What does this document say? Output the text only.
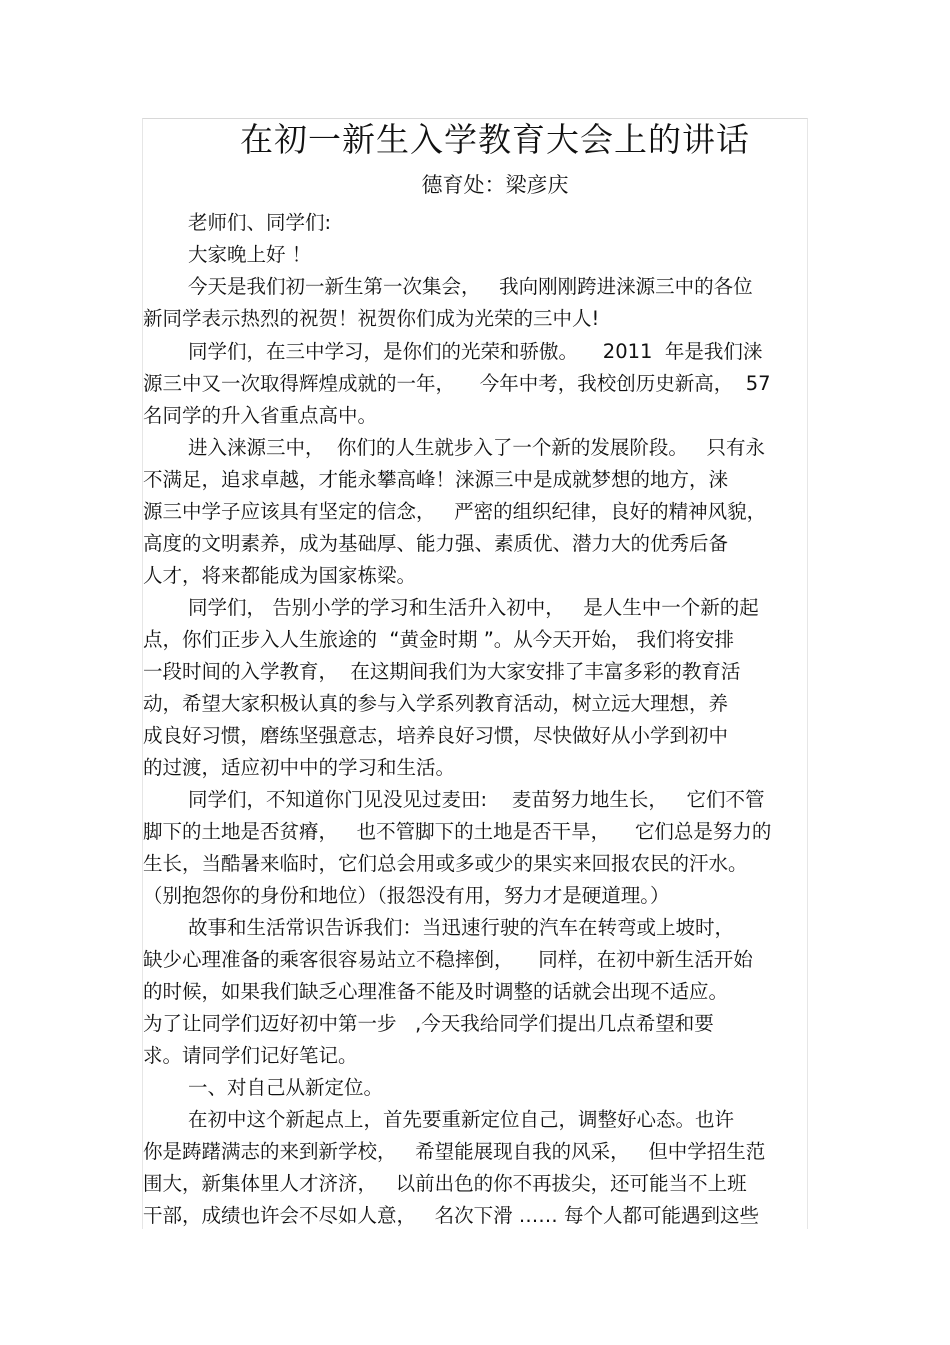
在初一新生入学教育大会上的讲话
德育处：梁彦庆
老师们、同学们:
大家晚上好 ！
今天是我们初一新生第一次集会，   我向刚刚跨进涞源三中的各位
新同学表示热烈的祝贺！祝贺你们成为光荣的三中人!
同学们，在三中学习，是你们的光荣和骄傲。    2011  年是我们涞
源三中又一次取得辉煌成就的一年，    今年中考，我校创历史新高，  57
名同学的升入省重点高中。
进入涞源三中，  你们的人生就步入了一个新的发展阶段。   只有永
不满足，追求卓越，才能永攀高峰！涞源三中是成就梦想的地方，涞
源三中学子应该具有坚定的信念，   严密的组织纪律，良好的精神风貌，
高度的文明素养，成为基础厚、能力强、素质优、潜力大的优秀后备
人才，将来都能成为国家栋梁。
同学们， 告别小学的学习和生活升入初中，   是人生中一个新的起
点，你们正步入人生旅途的  “黄金时期 ”。从今天开始， 我们将安排
一段时间的入学教育，  在这期间我们为大家安排了丰富多彩的教育活
动，希望大家积极认真的参与入学系列教育活动，树立远大理想，养
成良好习惯，磨练坚强意志，培养良好习惯，尽快做好从小学到初中
的过渡，适应初中中的学习和生活。
同学们，不知道你门见没见过麦田:    麦苗努力地生长，   它们不管
脚下的土地是否贫瘠，   也不管脚下的土地是否干旱，    它们总是努力的
生长，当酷暑来临时，它们总会用或多或少的果实来回报农民的汗水。
（别抱怨你的身份和地位）（报怨没有用，努力才是硬道理。）
故事和生活常识告诉我们：当迅速行驶的汽车在转弯或上坡时，
缺少心理准备的乘客很容易站立不稳摔倒，    同样，在初中新生活开始
的时候，如果我们缺乏心理准备不能及时调整的话就会出现不适应。
为了让同学们迈好初中第一步   ,今天我给同学们提出几点希望和要
求。请同学们记好笔记。
一、对自己从新定位。
在初中这个新起点上，首先要重新定位自己，调整好心态。也许
你是踌躇满志的来到新学校，   希望能展现自我的风采，   但中学招生范
围大，新集体里人才济济，   以前出色的你不再拔尖，还可能当不上班
干部，成绩也许会不尽如人意，   名次下滑 …… 每个人都可能遇到这些
